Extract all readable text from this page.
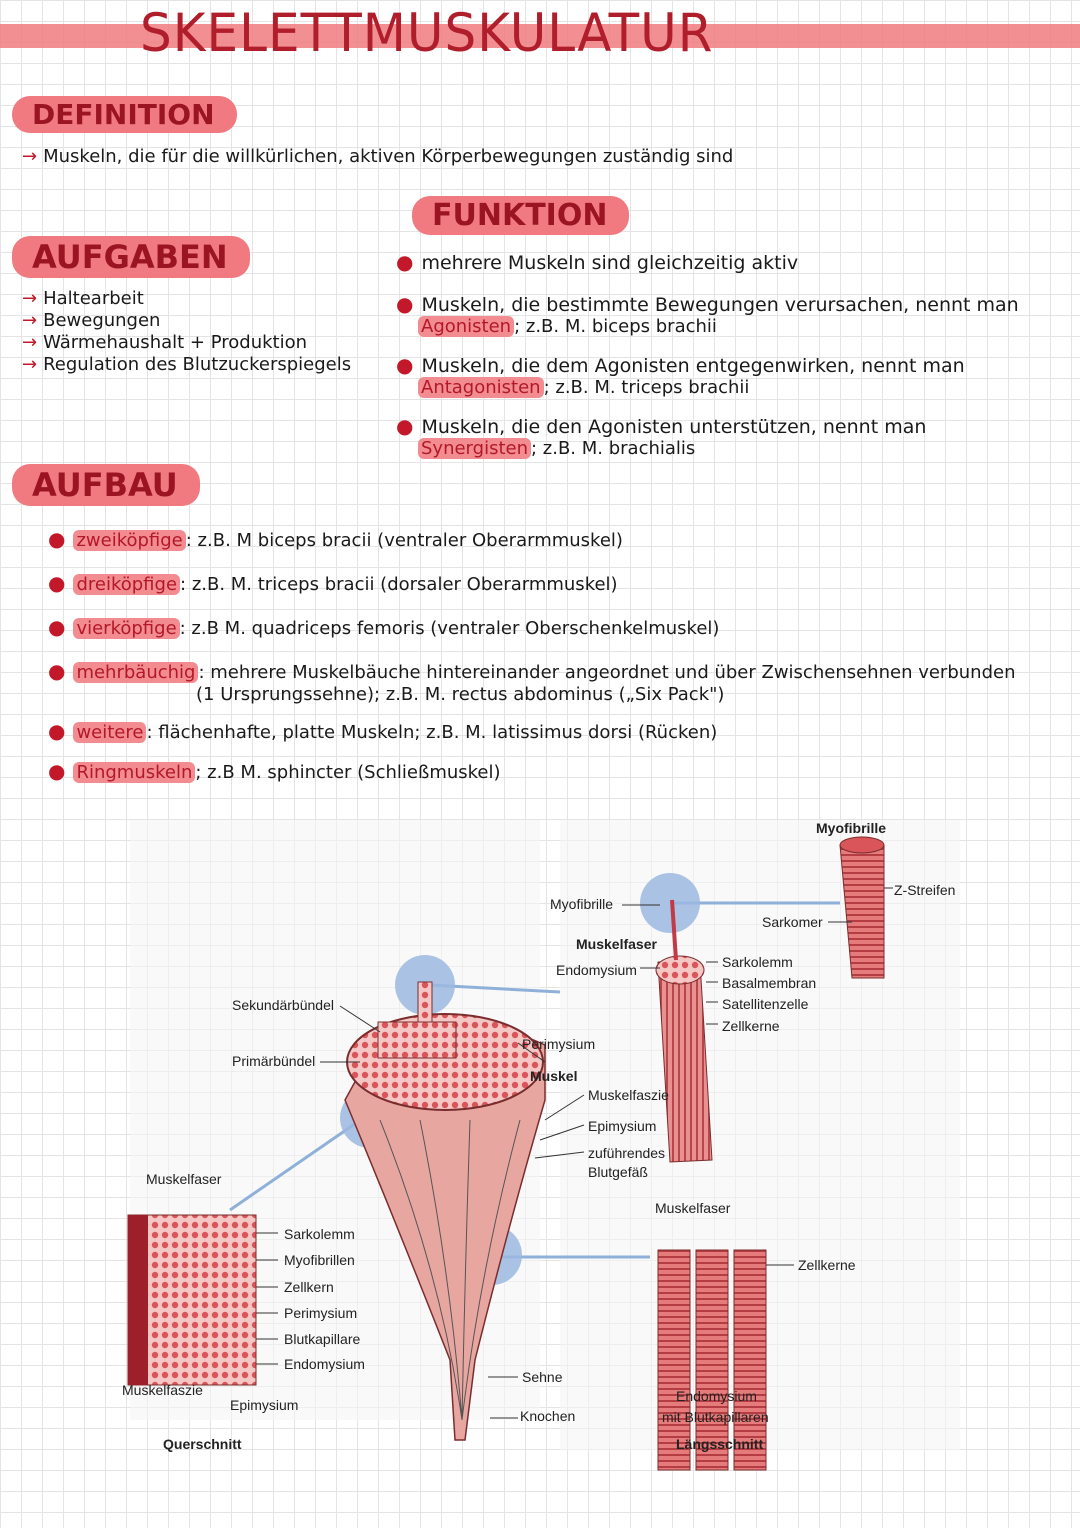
SKELETTMUSKULATUR
DEFINITION
→ Muskeln, die für die willkürlichen, aktiven Körperbewegungen zuständig sind
FUNKTION
AUFGABEN
→ Haltearbeit
→ Bewegungen
→ Wärmehaushalt + Produktion
→ Regulation des Blutzuckerspiegels
● mehrere Muskeln sind gleichzeitig aktiv
● Muskeln, die bestimmte Bewegungen verursachen, nennt man
Agonisten ; z.B. M. biceps brachii
● Muskeln, die dem Agonisten entgegenwirken, nennt man
Antagonisten ; z.B. M. triceps brachii
● Muskeln, die den Agonisten unterstützen, nennt man
Synergisten ; z.B. M. brachialis
AUFBAU
● zweiköpfige : z.B. M biceps bracii (ventraler Oberarmmuskel)
● dreiköpfige : z.B. M. triceps bracii (dorsaler Oberarmmuskel)
● vierköpfige : z.B M. quadriceps femoris (ventraler Oberschenkelmuskel)
● mehrbäuchig : mehrere Muskelbäuche hintereinander angeordnet und über Zwischensehnen verbunden
(1 Ursprungssehne); z.B. M. rectus abdominus („Six Pack")
● weitere : flächenhafte, platte Muskeln; z.B. M. latissimus dorsi (Rücken)
● Ringmuskeln ; z.B M. sphincter (Schließmuskel)
Myofibrille
Z-Streifen
Sarkomer
Myofibrille
Muskelfaser
Endomysium	Sarkolemm
Basalmembran
Satellitenzelle
Zellkerne
Sekundärbündel
Primärbündel
Perimysium
Muskel
Muskelfaszie
Epimysium
zuführendes
Blutgefäß
Muskelfaser
Sarkolemm
Myofibrillen
Zellkern
Perimysium
Blutkapillare
Endomysium
Muskelfaszie
Epimysium
Querschnitt
Sehne
Knochen
Muskelfaser
Zellkerne
Endomysium
mit Blutkapillaren
Längsschnitt
